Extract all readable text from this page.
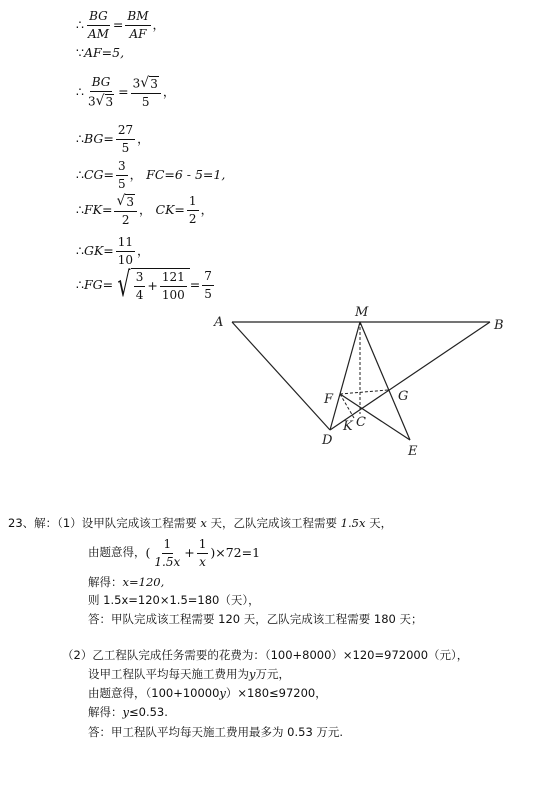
∴ $\frac{BG}{AM} = \frac{BM}{AF}$ ，
∵ AF=5,
∴ $\frac{BG}{3 √ 3} = \frac{3 √ 3}{5}$ ，
∴ $BG= \frac{27}{5}$ ，
∴ $CG= \frac{3}{5}$ ， FC=6 - 5=1,
∴ $FK= \frac{√ 3}{2}$ ， $CK= \frac{1}{2}$ ，
∴ $GK= \frac{11}{10}$ ，
∴ FG= √ $\frac{3}{4} + \frac{121}{100} = \frac{7}{5}$
A
M
B
F	G
K C
D
E
23、解：（1）设甲队完成该工程需要 x 天，乙队完成该工程需要 1.5x 天，
由题意得， ( $\frac{1}{1.5x} + \frac{1}{x} )\times 72=1$
解得：x=120,
则 1.5x=120×1.5=180（天），
答：甲队完成该工程需要 120 天，乙队完成该工程需要 180 天；
（2）乙工程队完成任务需要的花费为：（100+8000）×120=972000（元），
设甲工程队平均每天施工费用为y万元，
由题意得，（100+10000y）×180≤97200，
解得：y≤0.53.
答：甲工程队平均每天施工费用最多为 0.53 万元.
